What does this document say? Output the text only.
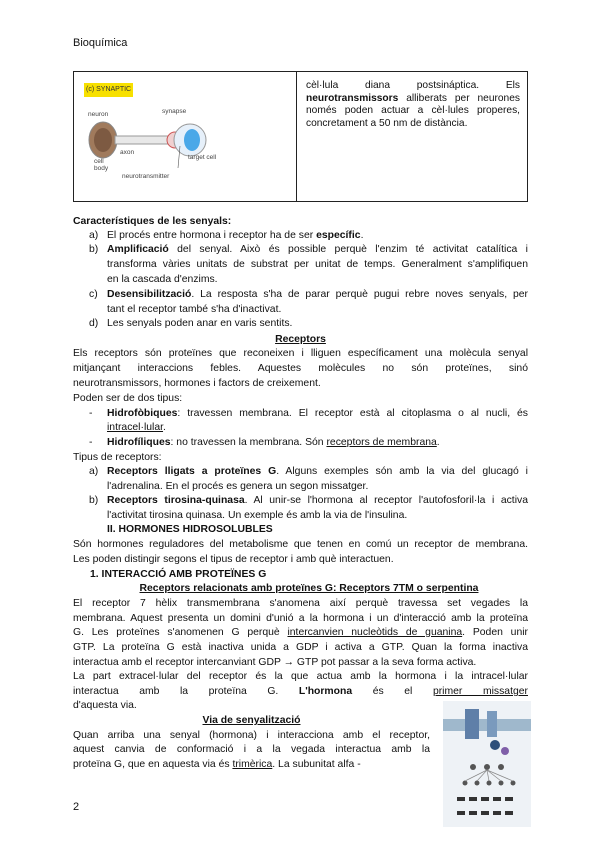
Bioquímica
(c) SYNAPTIC
neuron	synapse
axon
cell
body
target cell
neurotransmitter
cèl·lula diana postsináptica. Els neurotransmissors alliberats per neurones només poden actuar a cèl·lules properes, concretament a 50 nm de distància.
Característiques de les senyals:
a) El procés entre hormona i receptor ha de ser específic.
b) Amplificació del senyal. Això és possible perquè l'enzim té activitat catalítica i
transforma vàries unitats de substrat per unitat de temps. Generalment s'amplifiquen
en la cascada d'enzims.
c) Desensibilització. La resposta s'ha de parar perquè pugui rebre noves senyals, per
tant el receptor també s'ha d'inactivat.
d) Les senyals poden anar en varis sentits.
Receptors
Els receptors són proteïnes que reconeixen i lliguen específicament una molècula senyal
mitjançant interaccions febles. Aquestes molècules no són proteïnes, sinó
neurotransmissors, hormones i factors de creixement.
Poden ser de dos tipus:
- Hidrofòbiques: travessen membrana. El receptor està al citoplasma o al nucli, és
intracel·lular.
- Hidrofíliques: no travessen la membrana. Són receptors de membrana.
Tipus de receptors:
a) Receptors lligats a proteïnes G. Alguns exemples són amb la via del glucagó i
l'adrenalina. En el procés es genera un segon missatger.
b) Receptors tirosina-quinasa. Al unir-se l'hormona al receptor l'autofosforil·la i activa
l'activitat tirosina quinasa. Un exemple és amb la via de l'insulina.
II. HORMONES HIDROSOLUBLES
Són hormones reguladores del metabolisme que tenen en comú un receptor de membrana.
Les poden distingir segons el tipus de receptor i amb què interactuen.
1. INTERACCIÓ AMB PROTEÏNES G
Receptors relacionats amb proteïnes G: Receptors 7TM o serpentina
El receptor 7 hèlix transmembrana s'anomena així perquè travessa set vegades la
membrana. Aquest presenta un domini d'unió a la hormona i un d'interacció amb la proteïna
G. Les proteïnes s'anomenen G perquè intercanvien nucleòtids de guanina. Poden unir
GTP. La proteïna G està inactiva unida a GDP i activa a GTP. Quan la forma inactiva
interactua amb el receptor intercanviant GDP → GTP pot passar a la seva forma activa.
La part extracel·lular del receptor és la que actua amb la hormona i la intracel·lular
interactua amb la proteïna G. L'hormona és el primer missatger
d'aquesta via.
Via de senyalització
Quan arriba una senyal (hormona) i interacciona amb el receptor,
aquest canvia de conformació i a la vegada interactua amb la
proteïna G, que en aquesta via és trimèrica. La subunitat alfa -
2
